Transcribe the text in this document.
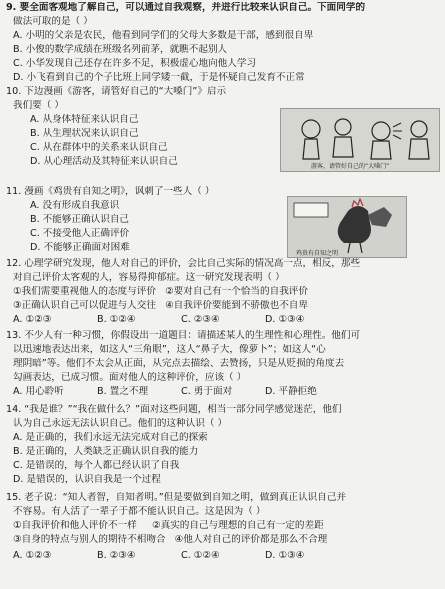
9. 要全面客观地了解自己，可以通过自我观察，并进行比较来认识自己。下面同学的
做法可取的是（ ）
A. 小明的父亲是农民，他看到同学们的父母大多数是干部，感到很自卑
B. 小俊的数学成绩在班级名列前茅，就瞧不起别人
C. 小华发现自己还存在许多不足，积极虚心地向他人学习
D. 小飞看到自己的个子比班上同学矮一截，于是怀疑自己发育不正常
10. 下边漫画《游客，请管好自己的“大嗓门”》启示
我们要（ ）
A. 从身体特征来认识自己
B. 从生理状况来认识自己
C. 从在群体中的关系来认识自己
D. 从心理活动及其特征来认识自己	游客，请管好自己的“大嗓门”
11. 漫画《鸡贵有自知之明》，讽刺了一些人（ ）
A. 没有形成自我意识
B. 不能够正确认识自己
C. 不接受他人正确评价
D. 不能够正确面对困难
鸡贵有自知之明
12. 心理学研究发现，他人对自己的评价，会比自己实际的情况高一点，相反，那些
对自己评价太客观的人，容易得抑郁症。这一研究发现表明（ ）
①我们需要重视他人的态度与评价 ②要对自己有一个恰当的自我评价
③正确认识自己可以促进与人交往 ④自我评价要能到不骄傲也不自卑
A. ①②③	B. ①②④	C. ②③④	D. ①③④
13. 不少人有一种习惯，你假设出一道题目：请描述某人的生理性和心理性。他们可
以迅速地表达出来，如这人“三角眼”，这人“鼻子大，像萝卜”；如这人“心
理阴暗”等。他们不太会从正面，从完点去描绘、去赞扬，只是从贬损的角度去
勾画表达，已成习惯。面对他人的这种评价，应该（ ）
A. 用心聆听	B. 置之不理	C. 勇于面对	D. 平静拒绝
14. “我是谁？”“我在做什么？”面对这些问题，相当一部分同学感觉迷茫，他们
认为自己永远无法认识自己。他们的这种认识（ ）
A. 是正确的，我们永远无法完成对自己的探索
B. 是正确的，人类缺乏正确认识自我的能力
C. 是错误的，每个人都已经认识了自我
D. 是错误的，认识自我是一个过程
15. 老子说：“知人者智，自知者明。”但是要做到自知之明，做到真正认识自己并
不容易。有人活了一辈子于都不能认识自己。这是因为（ ）
①自我评价和他人评价不一样 ②真实的自己与理想的自己有一定的差距
③自身的特点与别人的期待不相吻合 ④他人对自己的评价都是那么不合理
A. ①②③	B. ②③④	C. ①②④	D. ①③④
